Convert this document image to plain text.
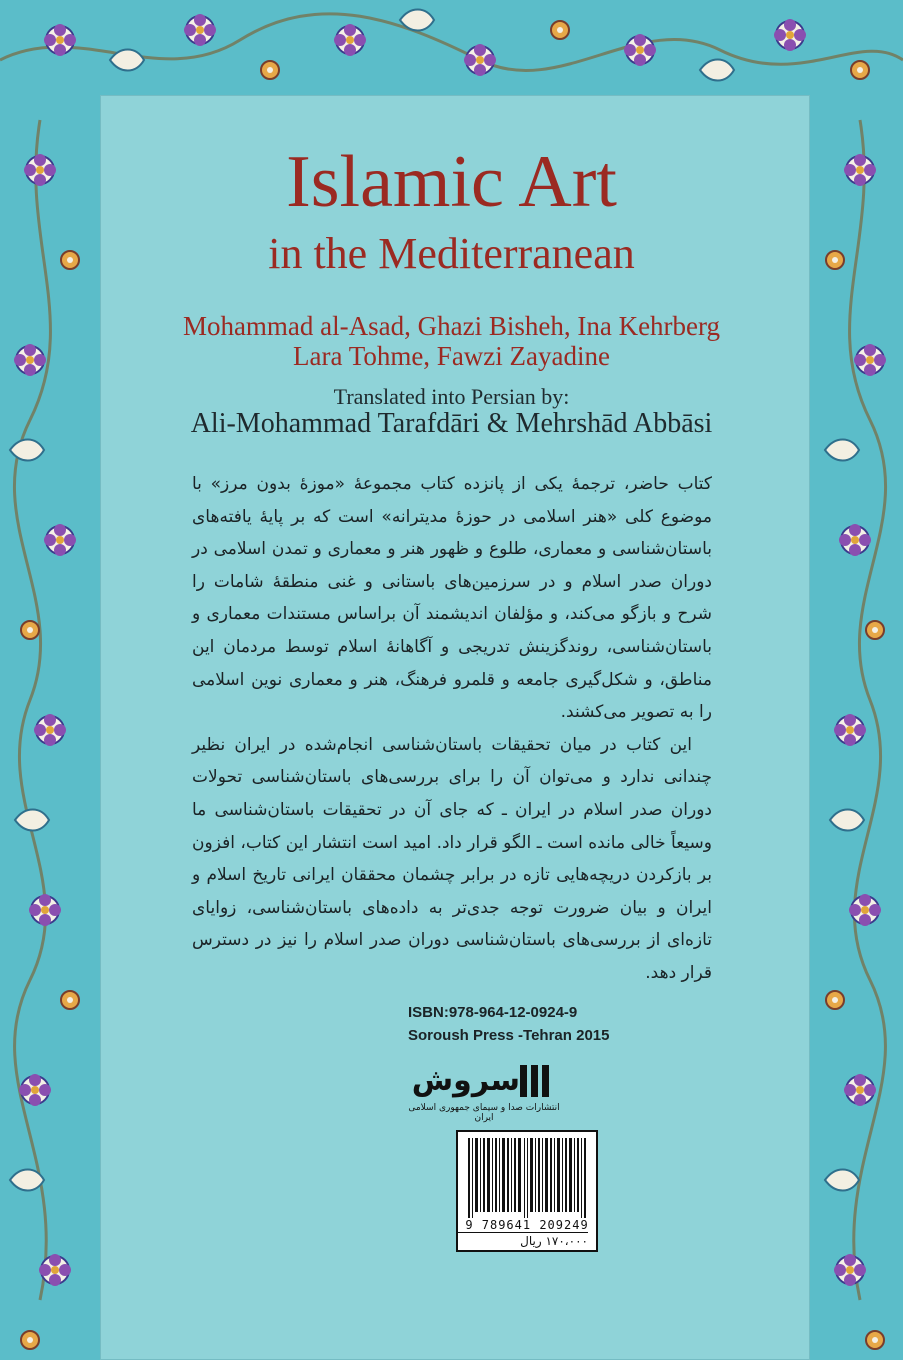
Islamic Art
in the Mediterranean
Mohammad al-Asad, Ghazi Bisheh, Ina Kehrberg
Lara Tohme, Fawzi Zayadine
Translated into Persian by:
Ali-Mohammad Tarafdāri & Mehrshād Abbāsi

کتاب حاضر، ترجمهٔ یکی از پانزده کتاب مجموعهٔ «موزهٔ بدون مرز» با موضوع کلی «هنر اسلامی در حوزهٔ مدیترانه» است که بر پایهٔ یافته‌های باستان‌شناسی و معماری، طلوع و ظهور هنر و معماری و تمدن اسلامی در دوران صدر اسلام و در سرزمین‌های باستانی و غنی منطقهٔ شامات را شرح و بازگو می‌کند، و مؤلفان اندیشمند آن براساس مستندات معماری و باستان‌شناسی، روندگزینش تدریجی و آگاهانهٔ اسلام توسط مردمان این مناطق، و شکل‌گیری جامعه و قلمرو فرهنگ، هنر و معماری نوین اسلامی را به تصویر می‌کشند.

این کتاب در میان تحقیقات باستان‌شناسی انجام‌شده در ایران نظیر چندانی ندارد و می‌توان آن را برای بررسی‌های باستان‌شناسی تحولات دوران صدر اسلام در ایران ـ که جای آن در تحقیقات باستان‌شناسی ما وسیعاً خالی مانده است ـ الگو قرار داد. امید است انتشار این کتاب، افزون بر بازکردن دریچه‌هایی تازه در برابر چشمان محققان ایرانی تاریخ اسلام و ایران و بیان ضرورت توجه جدی‌تر به داده‌های باستان‌شناسی، زوایای تازه‌ای از بررسی‌های باستان‌شناسی دوران صدر اسلام را نیز در دسترس قرار دهد.

ISBN:978-964-12-0924-9
Soroush Press -Tehran 2015
سروش
انتشارات صدا و سیمای جمهوری اسلامی ایران
9 789641 209249
۱۷۰،۰۰۰ ریال
